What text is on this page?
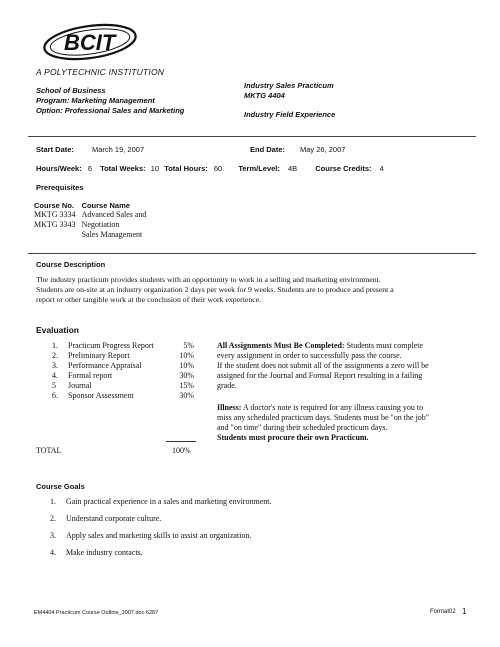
BCIT
A POLYTECHNIC INSTITUTION
School of Business
Program: Marketing Management
Option: Professional Sales and Marketing
Industry Sales Practicum
MKTG 4404
Industry Field Experience
Start Date: March 19, 2007	End Date: May 26, 2007
Hours/Week: 6 Total Weeks: 10 Total Hours: 60 Term/Level: 4B Course Credits: 4
Prerequisites
Course No.	Course Name
MKTG 3334	Advanced Sales and
MKTG 3343	Negotiation
	Sales Management
Course Description
The industry practicum provides students with an opportunity to work in a selling and marketing environment.
Students are on-site at an industry organization 2 days per week for 9 weeks. Students are to produce and present a
report or other tangible work at the conclusion of their work experience.
Evaluation
1.	Practicum Progress Report	5%
2.	Preliminary Report	10%
3.	Performance Appraisal	10%
4.	Formal report	30%
5	Journal	15%
6.	Sponsor Assessment	30%
TOTAL	100%
All Assignments Must Be Completed: Students must complete
every assignment in order to successfully pass the course.
If the student does not submit all of the assignments a zero will be
assigned for the Journal and Formal Report resulting in a failing
grade.
Illness: A doctor's note is required for any illness causing you to
miss any scheduled practicum days. Students must be "on the job"
and "on time" during their scheduled practicum days.
Students must procure their own Practicum.
Course Goals
1. Gain practical experience in a sales and marketing environment.
2. Understand corporate culture.
3. Apply sales and marketing skills to assist an organization.
4. Make industry contacts.
EM4404 Practicum Course Outline_2007.doc 6287	Format02 1
